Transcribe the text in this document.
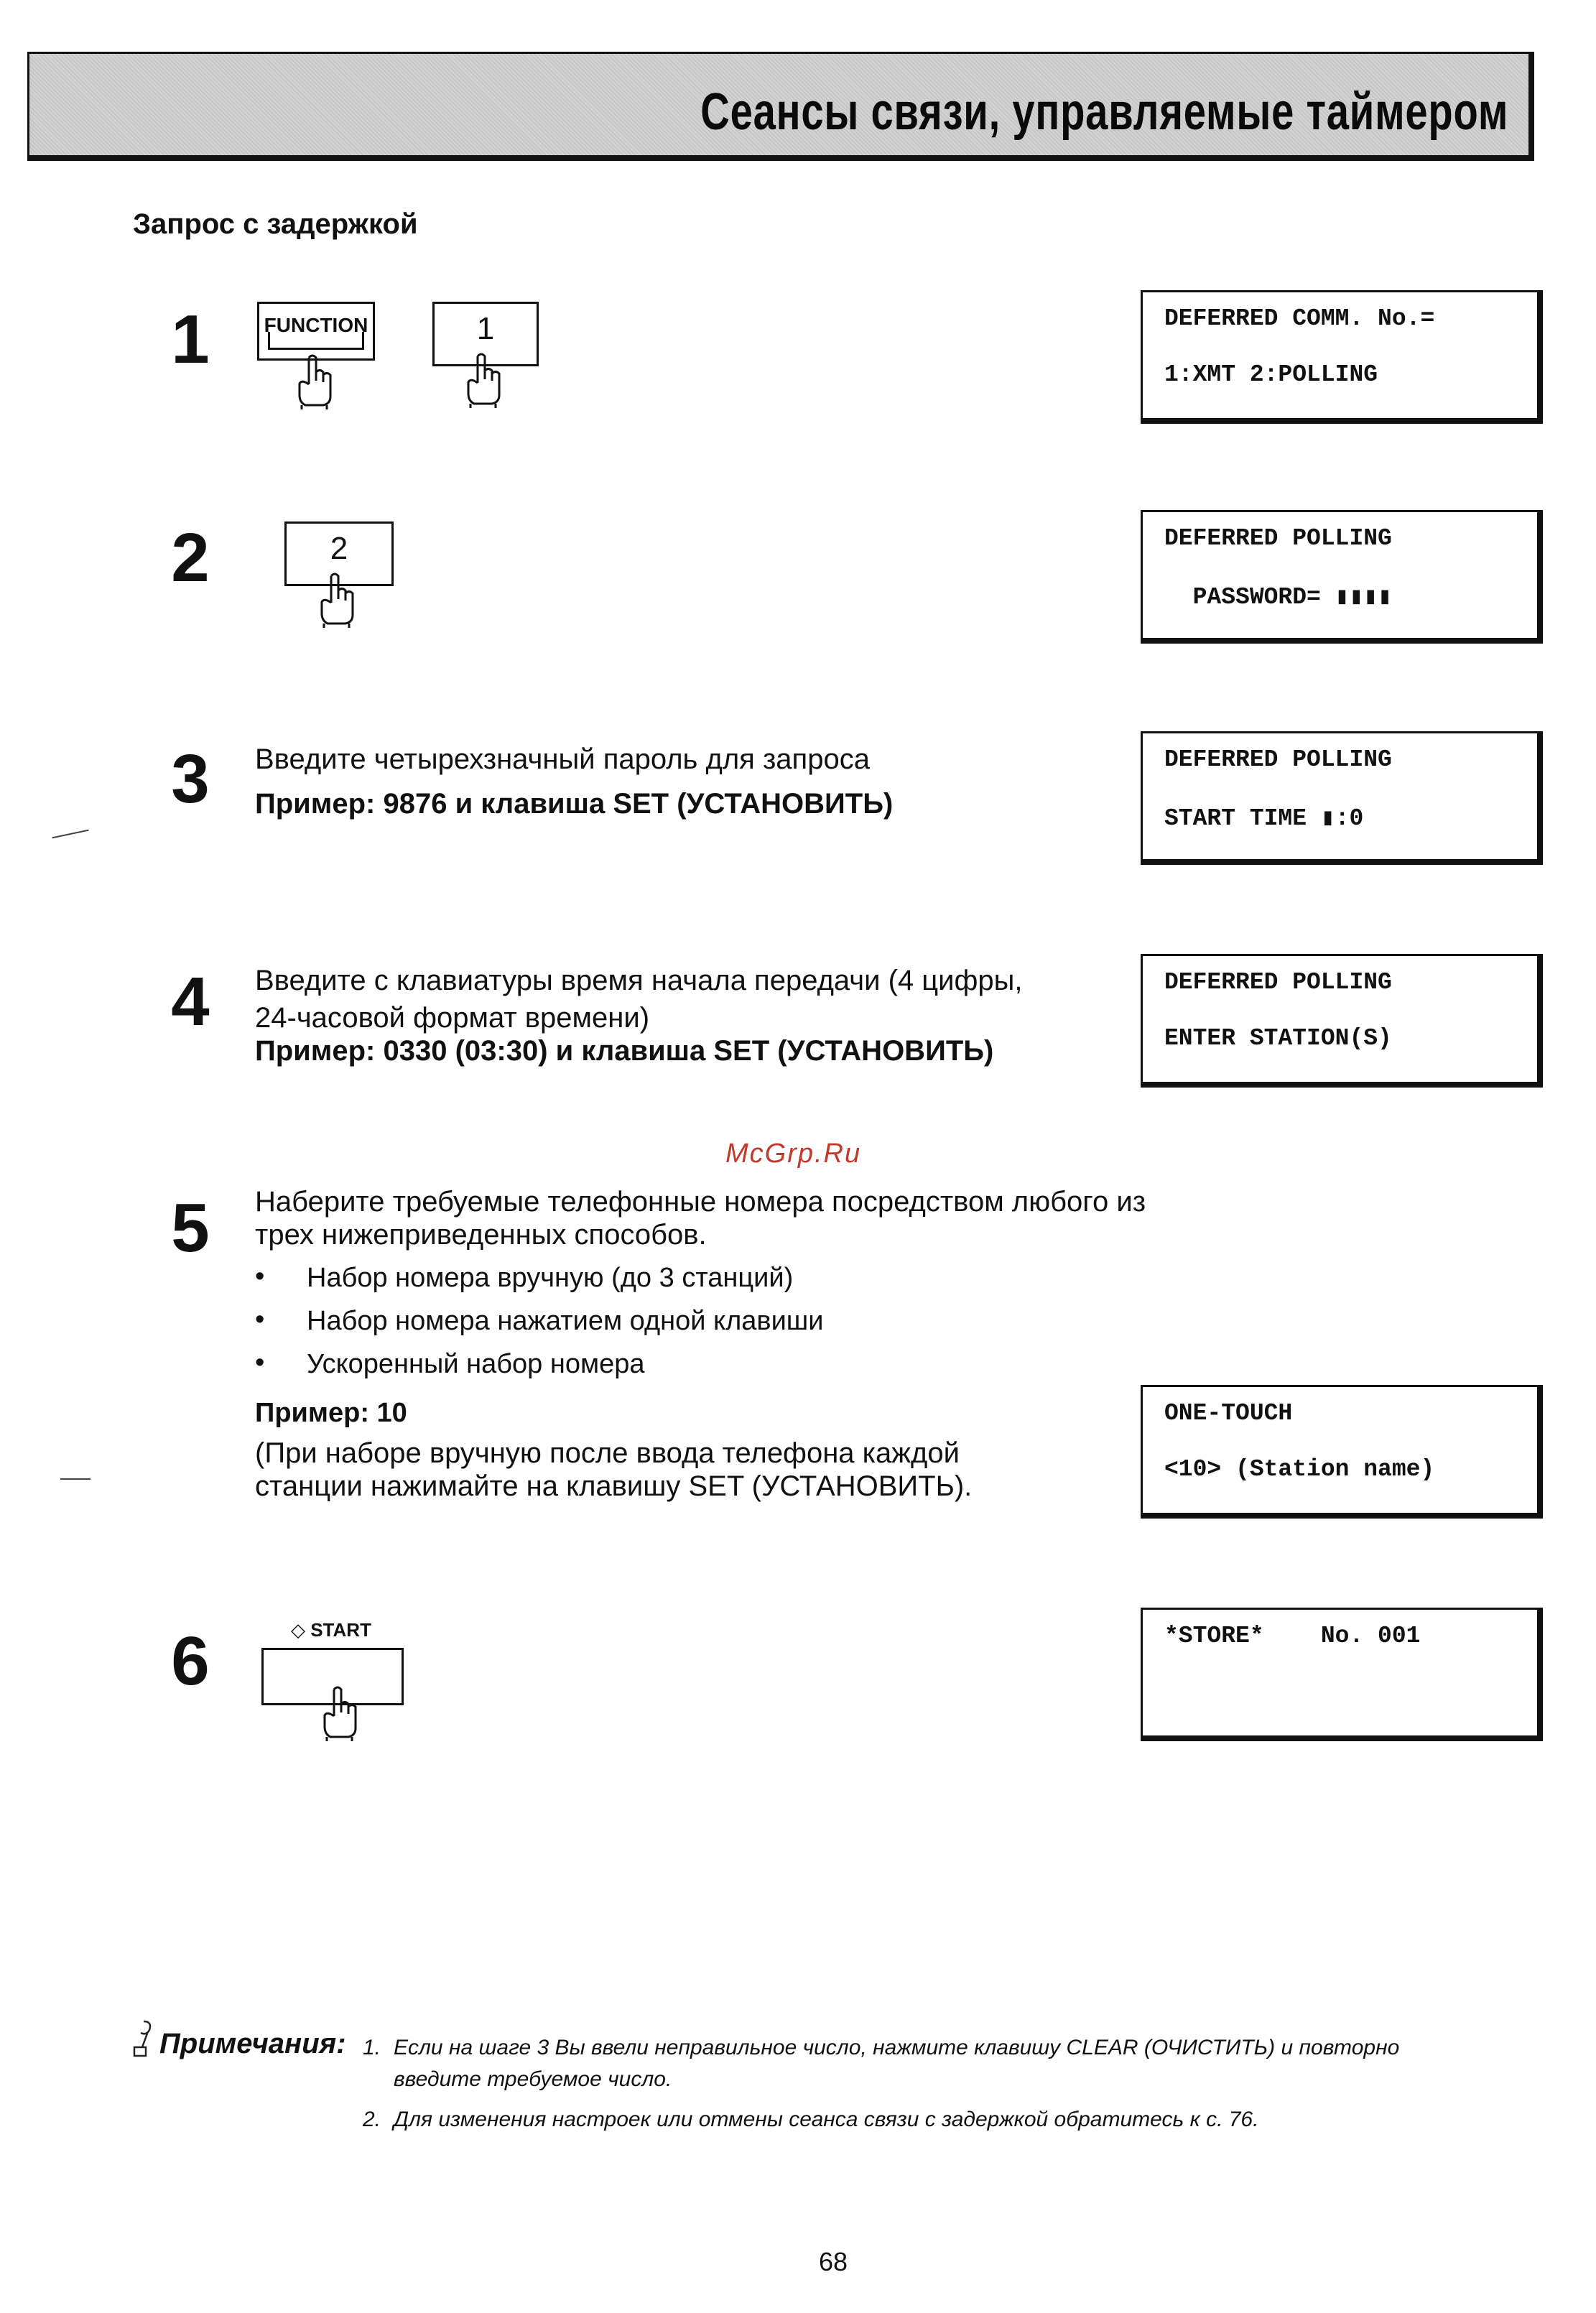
Сеансы связи, управляемые таймером
Запрос с задержкой
1	FUNCTION	1	DEFERRED COMM. No.=
1:XMT 2:POLLING
2	2	DEFERRED POLLING
PASSWORD= ▮▮▮▮
3	Введите четырехзначный пароль для запроса
Пример: 9876 и клавиша SET (УСТАНОВИТЬ)
DEFERRED POLLING
START TIME ▮:0
4	Введите с клавиатуры время начала передачи (4 цифры,
24-часовой формат времени)
Пример: 0330 (03:30) и клавиша SET (УСТАНОВИТЬ)
DEFERRED POLLING
ENTER STATION(S)
McGrp.Ru
5	Наберите требуемые телефонные номера посредством любого из
трех нижеприведенных способов.
• Набор номера вручную (до 3 станций)
• Набор номера нажатием одной клавиши
• Ускоренный набор номера
Пример: 10
(При наборе вручную после ввода телефона каждой
станции нажимайте на клавишу SET (УСТАНОВИТЬ).
ONE-TOUCH
<10> (Station name)
6	◇ START	*STORE*    No. 001
Примечания: 1. Если на шаге 3 Вы ввели неправильное число, нажмите клавишу CLEAR (ОЧИСТИТЬ) и повторно
введите требуемое число.
2. Для изменения настроек или отмены сеанса связи с задержкой обратитесь к с. 76.
68
